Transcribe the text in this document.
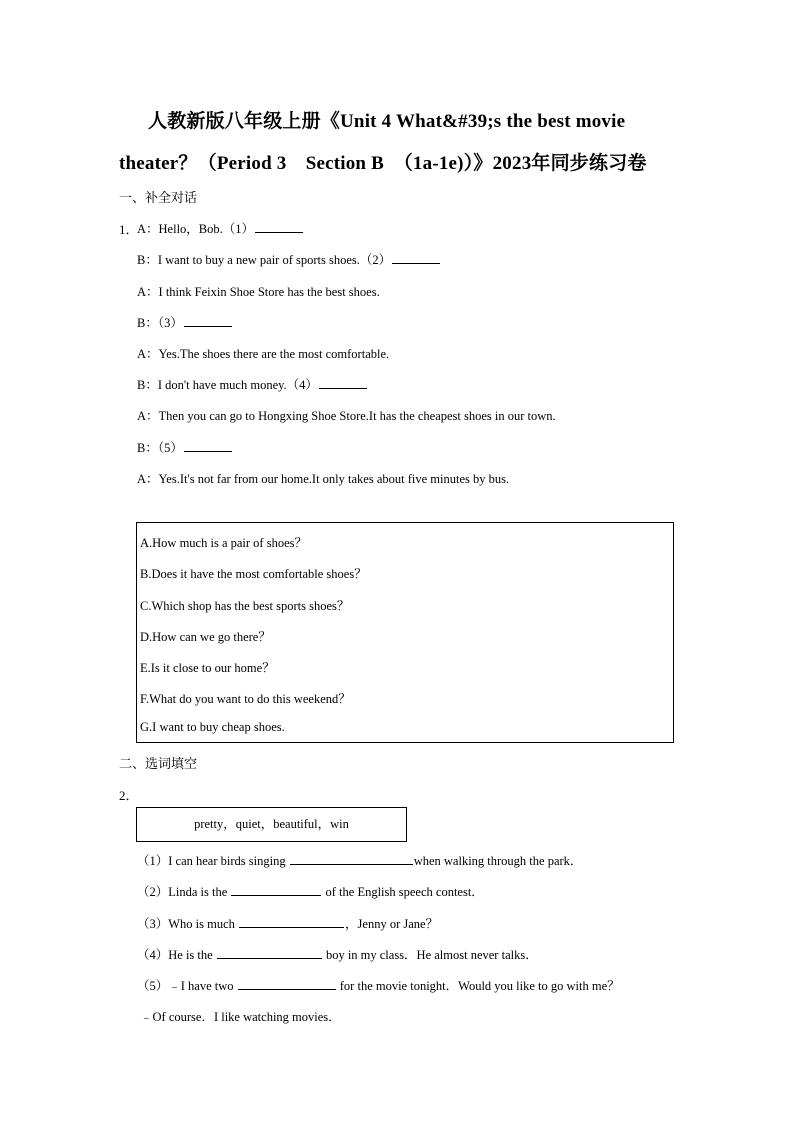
人教新版八年级上册《Unit 4 What&#39;s the best movie
theater？（Period 3　Section B　（1a-1e)）》2023年同步练习卷
一、补全对话
1．
A：Hello，Bob.（1）
B：I want to buy a new pair of sports shoes.（2）
A：I think Feixin Shoe Store has the best shoes.
B：（3）
A：Yes.The shoes there are the most comfortable.
B：I don't have much money.（4）
A：Then you can go to Hongxing Shoe Store.It has the cheapest shoes in our town.
B：（5）
A：Yes.It's not far from our home.It only takes about five minutes by bus.
A.How much is a pair of shoes？
B.Does it have the most comfortable shoes？
C.Which shop has the best sports shoes？
D.How can we go there？
E.Is it close to our home？
F.What do you want to do this weekend？
G.I want to buy cheap shoes.
二、选词填空
2．
pretty，quiet，beautiful，win
（1）I can hear birds singing	when walking through the park．
（2）Linda is the	of the English speech contest．
（3）Who is much	，Jenny or Jane？
（4）He is the	boy in my class．He almost never talks．
（5）﹣I have two	for the movie tonight．Would you like to go with me？
﹣Of course．I like watching movies．
